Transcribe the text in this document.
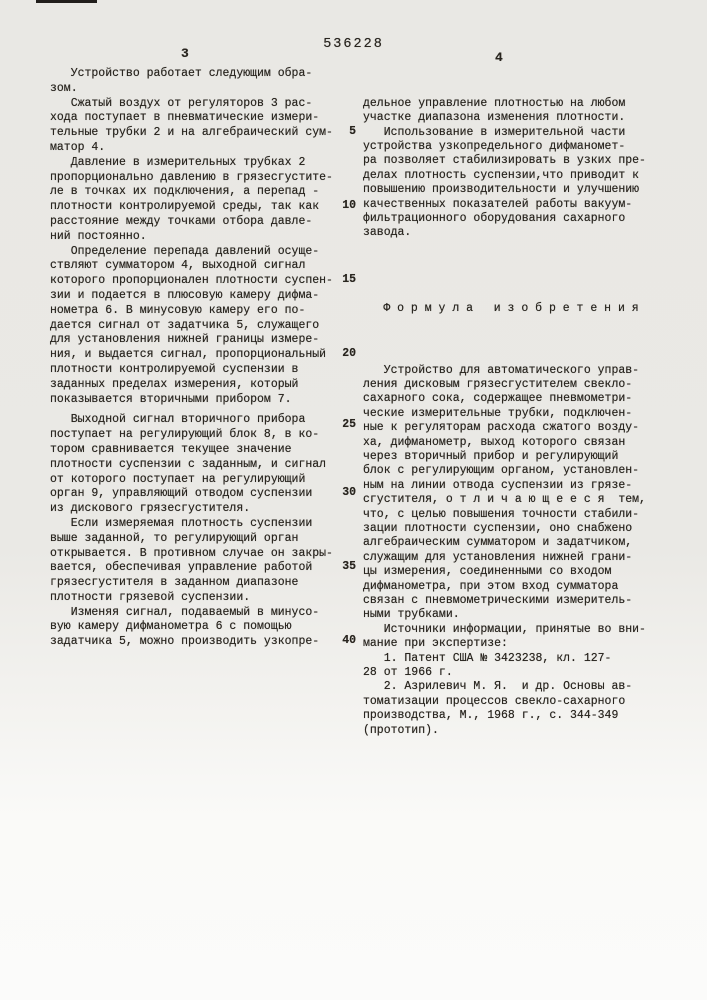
536228
3	4
Устройство работает следующим обра-
зом.
Сжатый воздух от регуляторов 3 рас-
хода поступает в пневматические измери-
тельные трубки 2 и на алгебраический сум-
матор 4.
Давление в измерительных трубках 2
пропорционально давлению в грязесгустите-
ле в точках их подключения, а перепад -
плотности контролируемой среды, так как
расстояние между точками отбора давле-
ний постоянно.
Определение перепада давлений осуще-
ствляют сумматором 4, выходной сигнал
которого пропорционален плотности суспен-
зии и подается в плюсовую камеру дифма-
нометра 6. В минусовую камеру его по-
дается сигнал от задатчика 5, служащего
для установления нижней границы измере-
ния, и выдается сигнал, пропорциональный
плотности контролируемой суспензии в
заданных пределах измерения, который
показывается вторичными прибором 7.
Выходной сигнал вторичного прибора
поступает на регулирующий блок 8, в ко-
тором сравнивается текущее значение
плотности суспензии с заданным, и сигнал
от которого поступает на регулирующий
орган 9, управляющий отводом суспензии
из дискового грязесгустителя.
Если измеряемая плотность суспензии
выше заданной, то регулирующий орган
открывается. В противном случае он закры-
вается, обеспечивая управление работой
грязесгустителя в заданном диапазоне
плотности грязевой суспензии.
Изменяя сигнал, подаваемый в минусо-
вую камеру дифманометра 6 с помощью
задатчика 5, можно производить узкопре-
5
10
15
20
25
30
35
40

дельное управление плотностью на любом
участке диапазона изменения плотности.
Использование в измерительной части
устройства узкопредельного дифманомет-
ра позволяет стабилизировать в узких пре-
делах плотность суспензии,что приводит к
повышению производительности и улучшению
качественных показателей работы вакуум-
фильтрационного оборудования сахарного
завода.

Ф о р м у л а   и з о б р е т е н и я

Устройство для автоматического управ-
ления дисковым грязесгустителем свекло-
сахарного сока, содержащее пневмометри-
ческие измерительные трубки, подключен-
ные к регуляторам расхода сжатого возду-
ха, дифманометр, выход которого связан
через вторичный прибор и регулирующий
блок с регулирующим органом, установлен-
ным на линии отвода суспензии из грязе-
сгустителя, о т л и ч а ю щ е е с я  тем,
что, с целью повышения точности стабили-
зации плотности суспензии, оно снабжено
алгебраическим сумматором и задатчиком,
служащим для установления нижней грани-
цы измерения, соединенными со входом
дифманометра, при этом вход сумматора
связан с пневмометрическими измеритель-
ными трубками.
Источники информации, принятые во вни-
мание при экспертизе:
1. Патент США № 3423238, кл. 127-
28 от 1966 г.
2. Азрилевич М. Я.  и др. Основы ав-
томатизации процессов свекло-сахарного
производства, М., 1968 г., с. 344-349
(прототип).
